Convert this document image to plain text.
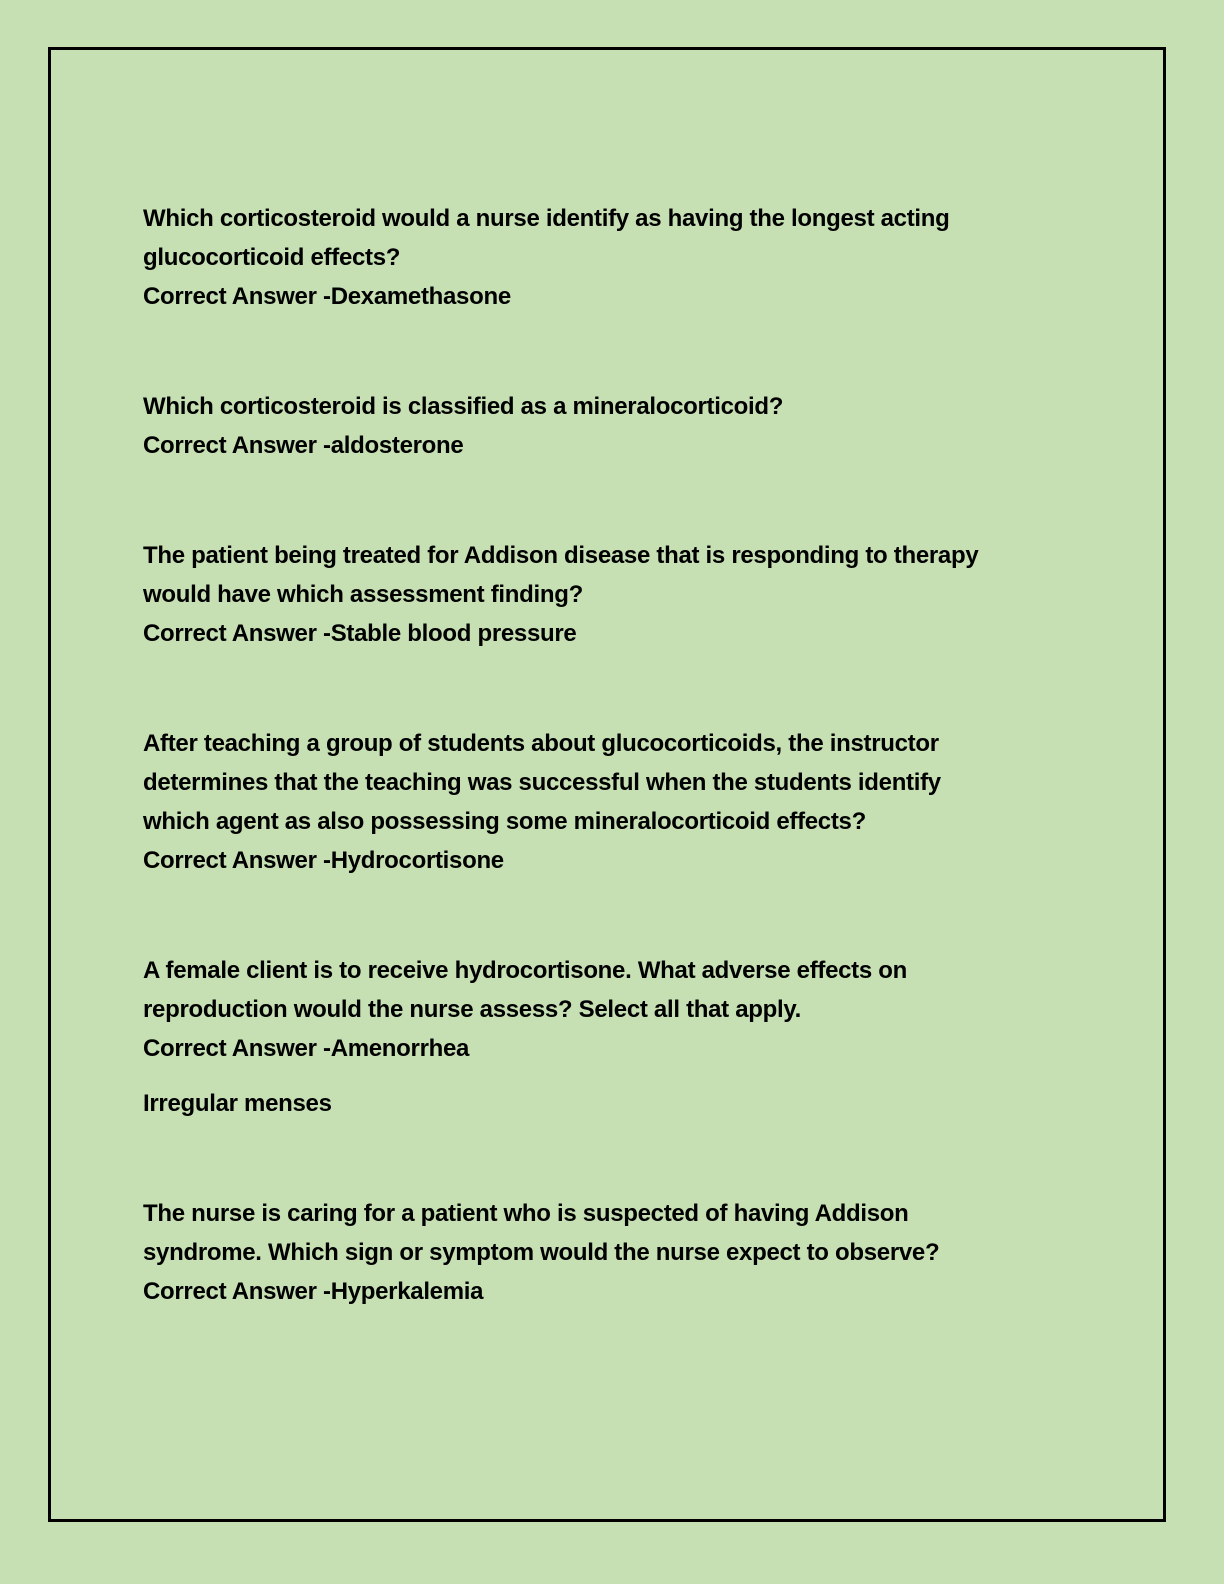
Which corticosteroid would a nurse identify as having the longest acting
glucocorticoid effects?
Correct Answer -Dexamethasone
Which corticosteroid is classified as a mineralocorticoid?
Correct Answer -aldosterone
The patient being treated for Addison disease that is responding to therapy
would have which assessment finding?
Correct Answer -Stable blood pressure
After teaching a group of students about glucocorticoids, the instructor
determines that the teaching was successful when the students identify
which agent as also possessing some mineralocorticoid effects?
Correct Answer -Hydrocortisone
A female client is to receive hydrocortisone. What adverse effects on
reproduction would the nurse assess? Select all that apply.
Correct Answer -Amenorrhea
Irregular menses
The nurse is caring for a patient who is suspected of having Addison
syndrome. Which sign or symptom would the nurse expect to observe?
Correct Answer -Hyperkalemia
